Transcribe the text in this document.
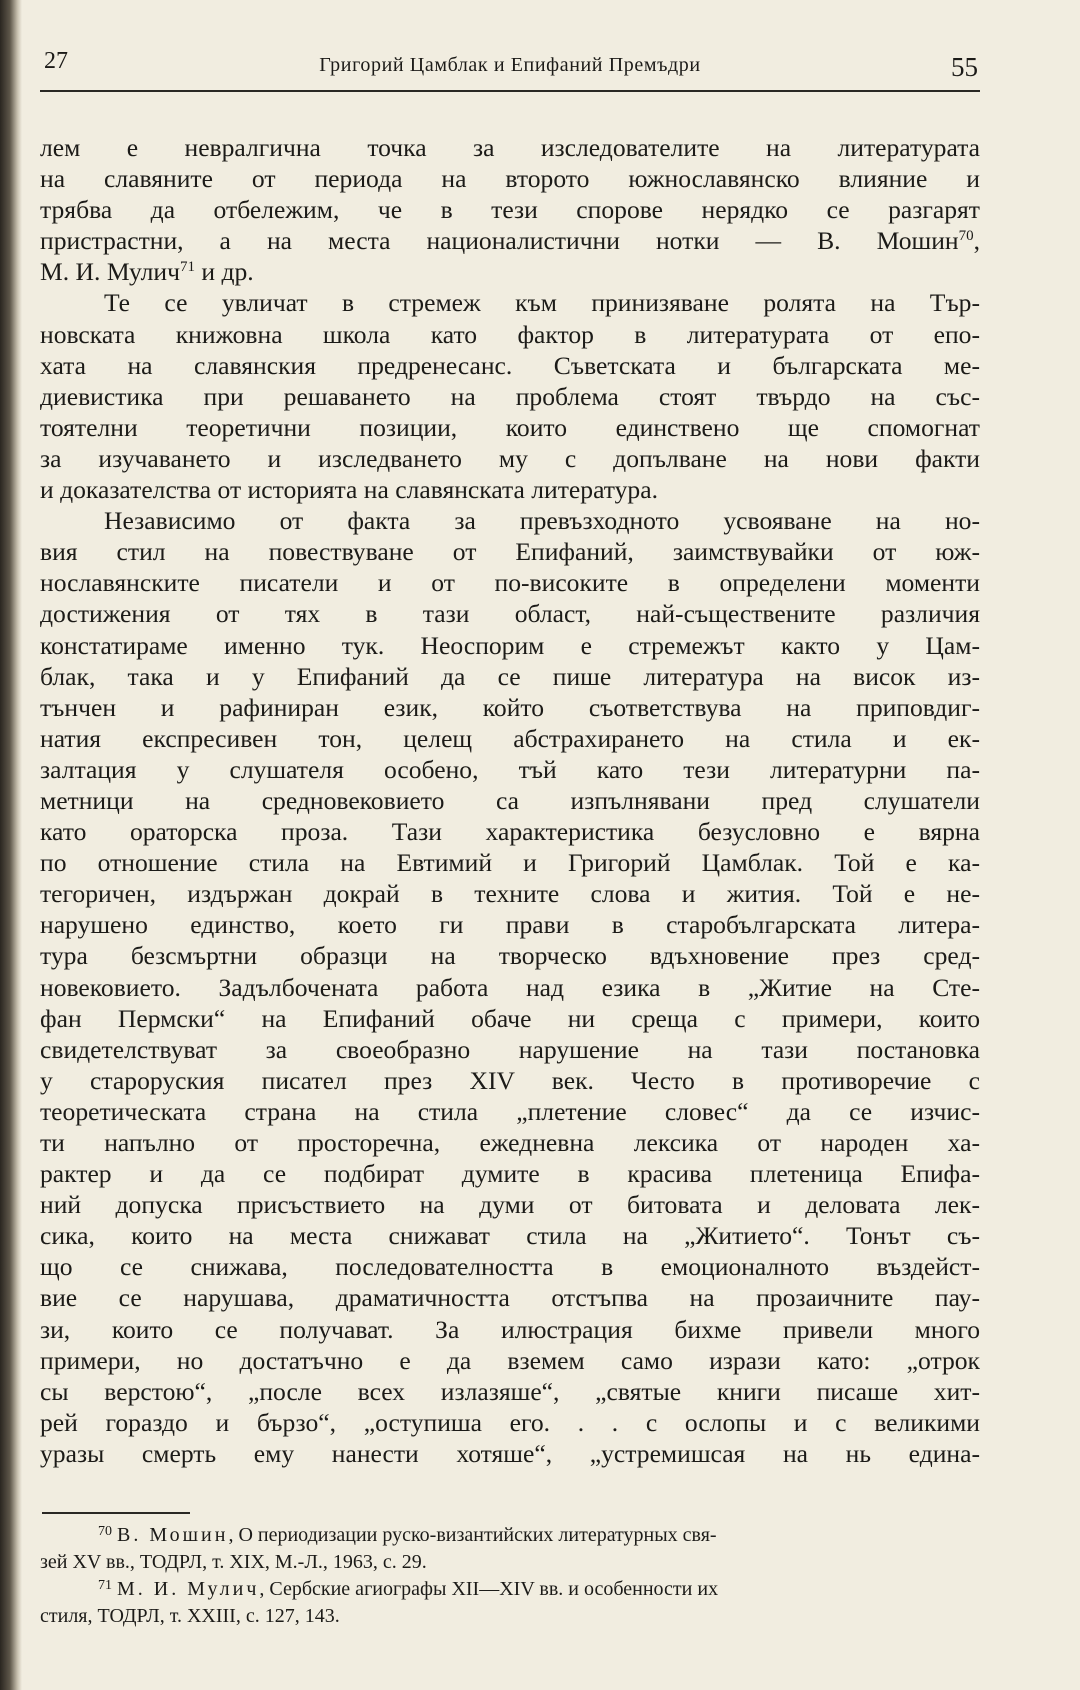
27	Григорий Цамблак и Епифаний Премъдри	55

лем е невралгична точка за изследователите на литературата

на славяните от периода на второто южнославянско влияние и

трябва да отбележим, че в тези спорове нерядко се разгарят

пристрастни, а на места националистични нотки — В. Мошин$^{70}$,

М. И. Мулич$^{71}$ и др.

Те се увличат в стремеж към принизяване ролята на Тър-

новската книжовна школа като фактор в литературата от епо-

хата на славянския предренесанс. Съветската и българската ме-

диевистика при решаването на проблема стоят твърдо на със-

тоятелни теоретични позиции, които единствено ще спомогнат

за изучаването и изследването му с допълване на нови факти

и доказателства от историята на славянската литература.

Независимо от факта за превъзходното усвояване на но-

вия стил на повествуване от Епифаний, заимствувайки от юж-

нославянските писатели и от по-високите в определени моменти

достижения от тях в тази област, най-съществените различия

констатираме именно тук. Неоспорим е стремежът както у Цам-

блак, така и у Епифаний да се пише литература на висок из-

тънчен и рафиниран език, който съответствува на приповдиг-

натия експресивен тон, целещ абстрахирането на стила и ек-

залтация у слушателя особено, тъй като тези литературни па-

метници на средновековието са изпълнявани пред слушатели

като ораторска проза. Тази характеристика безусловно е вярна

по отношение стила на Евтимий и Григорий Цамблак. Той е ка-

тегоричен, издържан докрай в техните слова и жития. Той е не-

нарушено единство, което ги прави в старобългарската литера-

тура безсмъртни образци на творческо вдъхновение през сред-

новековието. Задълбочената работа над езика в „Житие на Сте-

фан Пермски“ на Епифаний обаче ни среща с примери, които

свидетелствуват за своеобразно нарушение на тази постановка

у староруския писател през XIV век. Често в противоречие с

теоретическата страна на стила „плетение словес“ да се изчис-

ти напълно от просторечна, ежедневна лексика от народен ха-

рактер и да се подбират думите в красива плетеница Епифа-

ний допуска присъствието на думи от битовата и деловата лек-

сика, които на места снижават стила на „Житието“. Тонът съ-

що се снижава, последователността в емоционалното въздейст-

вие се нарушава, драматичността отстъпва на прозаичните пау-

зи, които се получават. За илюстрация бихме привели много

примери, но достатъчно е да вземем само изрази като: „отрок

сы верстою“, „после всех излазяше“, „святые книги писаше хит-

рей гораздо и бързо“, „оступиша его. . . с ослопы и с великими

уразы смерть ему нанести хотяше“, „устремишсая на нь едина-

$^{70}$ В. Мошин, О периодизации руско-византийских литературных свя-

зей XV вв., ТОДРЛ, т. XIX, М.-Л., 1963, с. 29.

$^{71}$ М. И. Мулич, Сербские агиографы XII—XIV вв. и особенности их

стиля, ТОДРЛ, т. XXIII, с. 127, 143.
